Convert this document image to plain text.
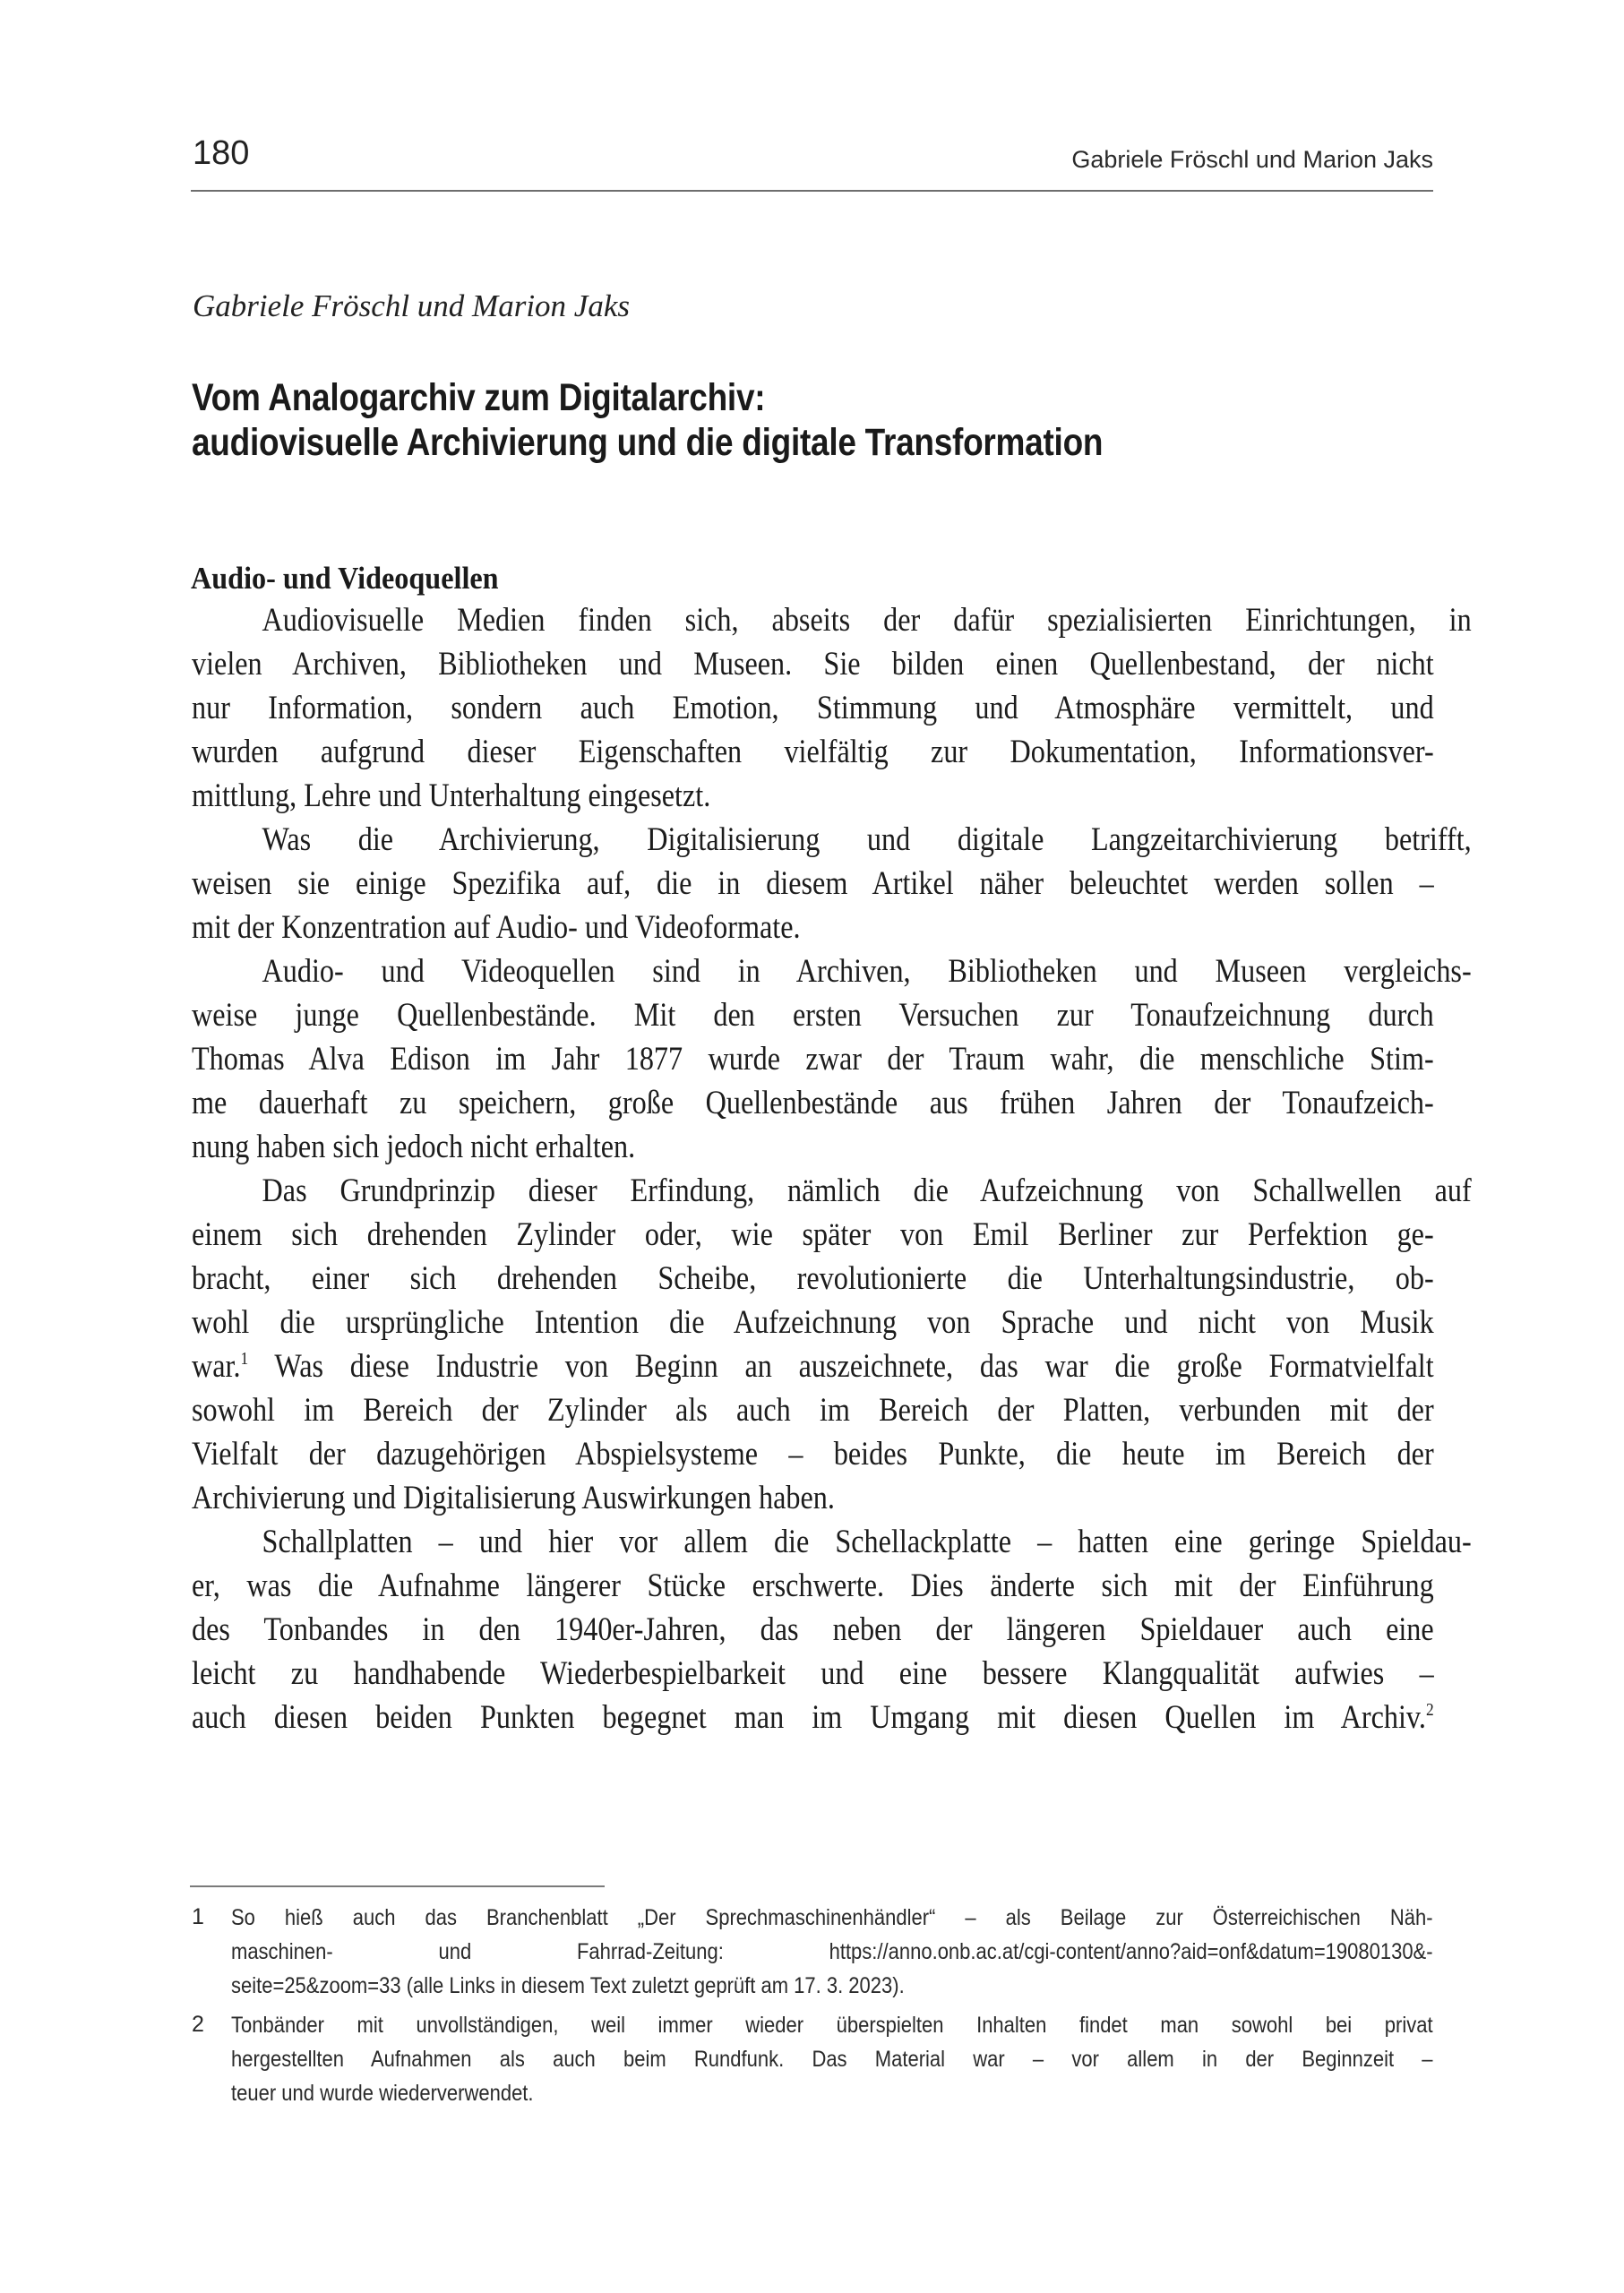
180	Gabriele Fröschl und Marion Jaks
Gabriele Fröschl und Marion Jaks
Vom Analogarchiv zum Digitalarchiv:
audiovisuelle Archivierung und die digitale Transformation
Audio- und Videoquellen
Audiovisuelle Medien finden sich, abseits der dafür spezialisierten Einrichtungen, in
vielen Archiven, Bibliotheken und Museen. Sie bilden einen Quellenbestand, der nicht
nur Information, sondern auch Emotion, Stimmung und Atmosphäre vermittelt, und
wurden aufgrund dieser Eigenschaften vielfältig zur Dokumentation, Informationsver-
mittlung, Lehre und Unterhaltung eingesetzt.
Was die Archivierung, Digitalisierung und digitale Langzeitarchivierung betrifft,
weisen sie einige Spezifika auf, die in diesem Artikel näher beleuchtet werden sollen –
mit der Konzentration auf Audio- und Videoformate.
Audio- und Videoquellen sind in Archiven, Bibliotheken und Museen vergleichs-
weise junge Quellenbestände. Mit den ersten Versuchen zur Tonaufzeichnung durch
Thomas Alva Edison im Jahr 1877 wurde zwar der Traum wahr, die menschliche Stim-
me dauerhaft zu speichern, große Quellenbestände aus frühen Jahren der Tonaufzeich-
nung haben sich jedoch nicht erhalten.
Das Grundprinzip dieser Erfindung, nämlich die Aufzeichnung von Schallwellen auf
einem sich drehenden Zylinder oder, wie später von Emil Berliner zur Perfektion ge-
bracht, einer sich drehenden Scheibe, revolutionierte die Unterhaltungsindustrie, ob-
wohl die ursprüngliche Intention die Aufzeichnung von Sprache und nicht von Musik
war.$^1$ Was diese Industrie von Beginn an auszeichnete, das war die große Formatvielfalt
sowohl im Bereich der Zylinder als auch im Bereich der Platten, verbunden mit der
Vielfalt der dazugehörigen Abspielsysteme – beides Punkte, die heute im Bereich der
Archivierung und Digitalisierung Auswirkungen haben.
Schallplatten – und hier vor allem die Schellackplatte – hatten eine geringe Spieldau-
er, was die Aufnahme längerer Stücke erschwerte. Dies änderte sich mit der Einführung
des Tonbandes in den 1940er-Jahren, das neben der längeren Spieldauer auch eine
leicht zu handhabende Wiederbespielbarkeit und eine bessere Klangqualität aufwies –
auch diesen beiden Punkten begegnet man im Umgang mit diesen Quellen im Archiv.$^2$
1 So hieß auch das Branchenblatt „Der Sprechmaschinenhändler“ – als Beilage zur Österreichischen Näh-
maschinen- und Fahrrad-Zeitung: https://anno.onb.ac.at/cgi-content/anno?aid=onf&datum=19080130&-
seite=25&zoom=33 (alle Links in diesem Text zuletzt geprüft am 17. 3. 2023).
2 Tonbänder mit unvollständigen, weil immer wieder überspielten Inhalten findet man sowohl bei privat
hergestellten Aufnahmen als auch beim Rundfunk. Das Material war – vor allem in der Beginnzeit –
teuer und wurde wiederverwendet.
